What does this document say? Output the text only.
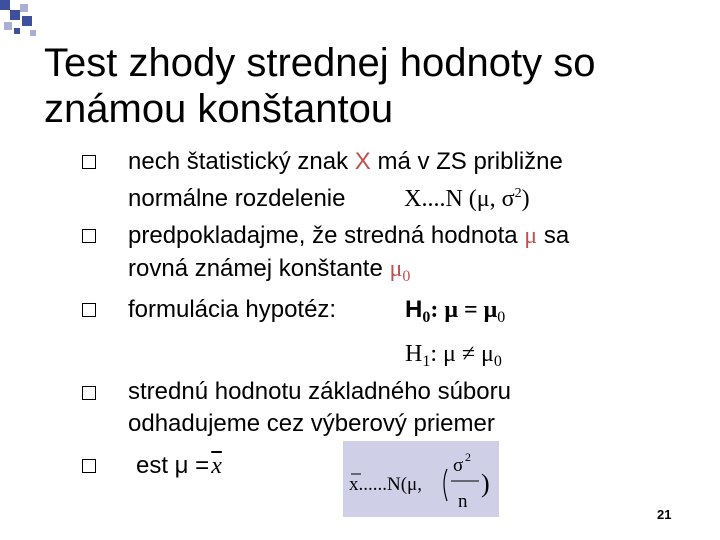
Test zhody strednej hodnoty so
známou konštantou
nech štatistický znak X má v ZS približne
normálne rozdelenie X....N (μ, $\sigma^2$)
predpokladajme, že stredná hodnota μ sa
rovná známej konštante $\mu_0$
formulácia hypotéz:	$H_0$: $\mu = \mu_0$
$H_1$: $\mu \ne \mu_0$
strednú hodnotu základného súboru
odhadujeme cez výberový priemer
est $\mu =\overline{x}$
x......N(μ,
σ 2
n
)
21
